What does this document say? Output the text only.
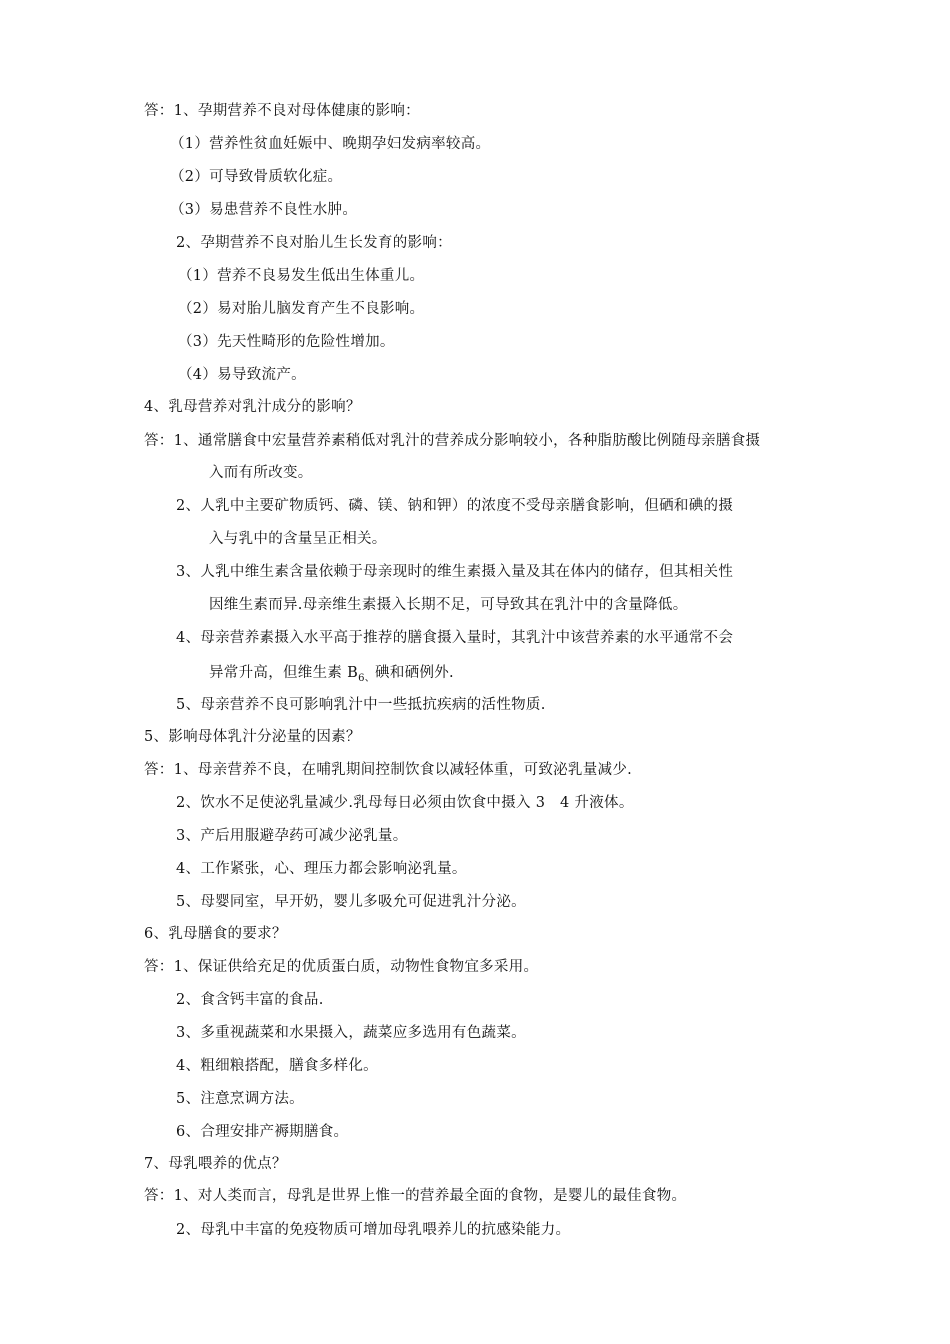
答：1、孕期营养不良对母体健康的影响：
（1）营养性贫血妊娠中、晚期孕妇发病率较高。
（2）可导致骨质软化症。
（3）易患营养不良性水肿。
2、孕期营养不良对胎儿生长发育的影响：
（1）营养不良易发生低出生体重儿。
（2）易对胎儿脑发育产生不良影响。
（3）先天性畸形的危险性增加。
（4）易导致流产。
4、乳母营养对乳汁成分的影响？
答：1、通常膳食中宏量营养素稍低对乳汁的营养成分影响较小，各种脂肪酸比例随母亲膳食摄
入而有所改变。
2、人乳中主要矿物质钙、磷、镁、钠和钾）的浓度不受母亲膳食影响，但硒和碘的摄
入与乳中的含量呈正相关。
3、人乳中维生素含量依赖于母亲现时的维生素摄入量及其在体内的储存，但其相关性
因维生素而异.母亲维生素摄入长期不足，可导致其在乳汁中的含量降低。
4、母亲营养素摄入水平高于推荐的膳食摄入量时，其乳汁中该营养素的水平通常不会
异常升高，但维生素 $B_{6、}$碘和硒例外.
5、母亲营养不良可影响乳汁中一些抵抗疾病的活性物质.
5、影响母体乳汁分泌量的因素？
答：1、母亲营养不良，在哺乳期间控制饮食以减轻体重，可致泌乳量减少.
2、饮水不足使泌乳量减少.乳母每日必须由饮食中摄入 3   4 升液体。
3、产后用服避孕药可减少泌乳量。
4、工作紧张，心、理压力都会影响泌乳量。
5、母婴同室，早开奶，婴儿多吸允可促进乳汁分泌。
6、乳母膳食的要求？
答：1、保证供给充足的优质蛋白质，动物性食物宜多采用。
2、食含钙丰富的食品.
3、多重视蔬菜和水果摄入，蔬菜应多选用有色蔬菜。
4、粗细粮搭配，膳食多样化。
5、注意烹调方法。
6、合理安排产褥期膳食。
7、母乳喂养的优点？
答：1、对人类而言，母乳是世界上惟一的营养最全面的食物，是婴儿的最佳食物。
2、母乳中丰富的免疫物质可增加母乳喂养儿的抗感染能力。
